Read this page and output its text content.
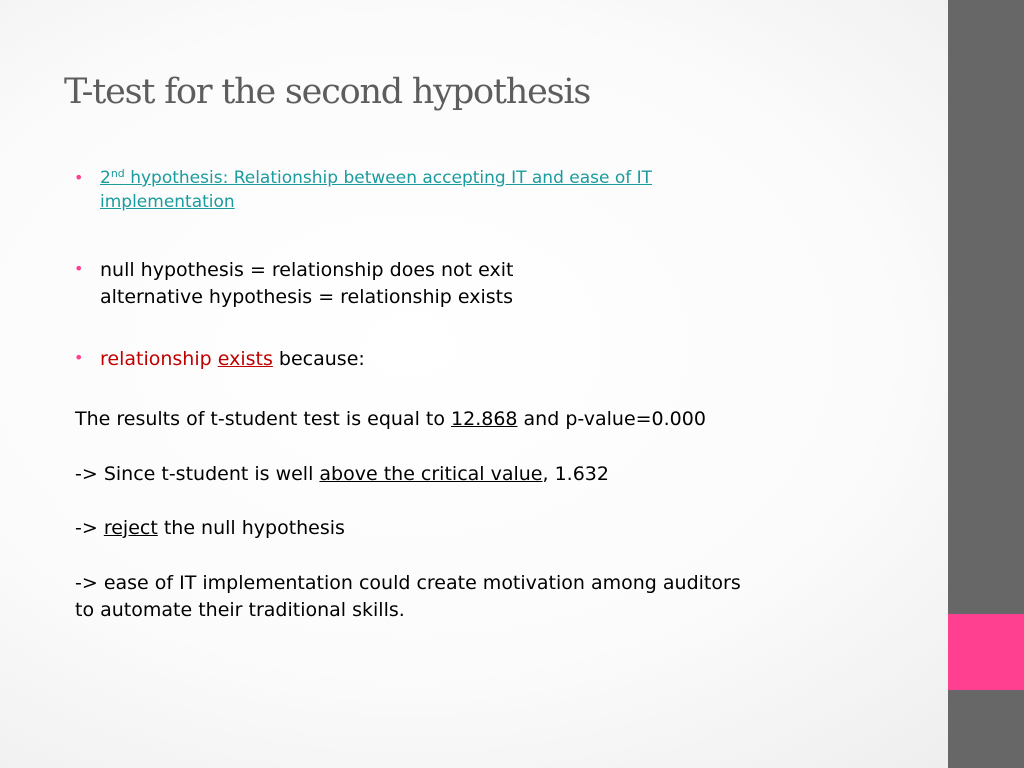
T-test for the second hypothesis
• 2nd hypothesis: Relationship between accepting IT and ease of IT
implementation
• null hypothesis = relationship does not exit
alternative hypothesis = relationship exists
• relationship exists because:
The results of t-student test is equal to 12.868 and p-value=0.000
-> Since t-student is well above the critical value, 1.632
-> reject the null hypothesis
-> ease of IT implementation could create motivation among auditors
to automate their traditional skills.
